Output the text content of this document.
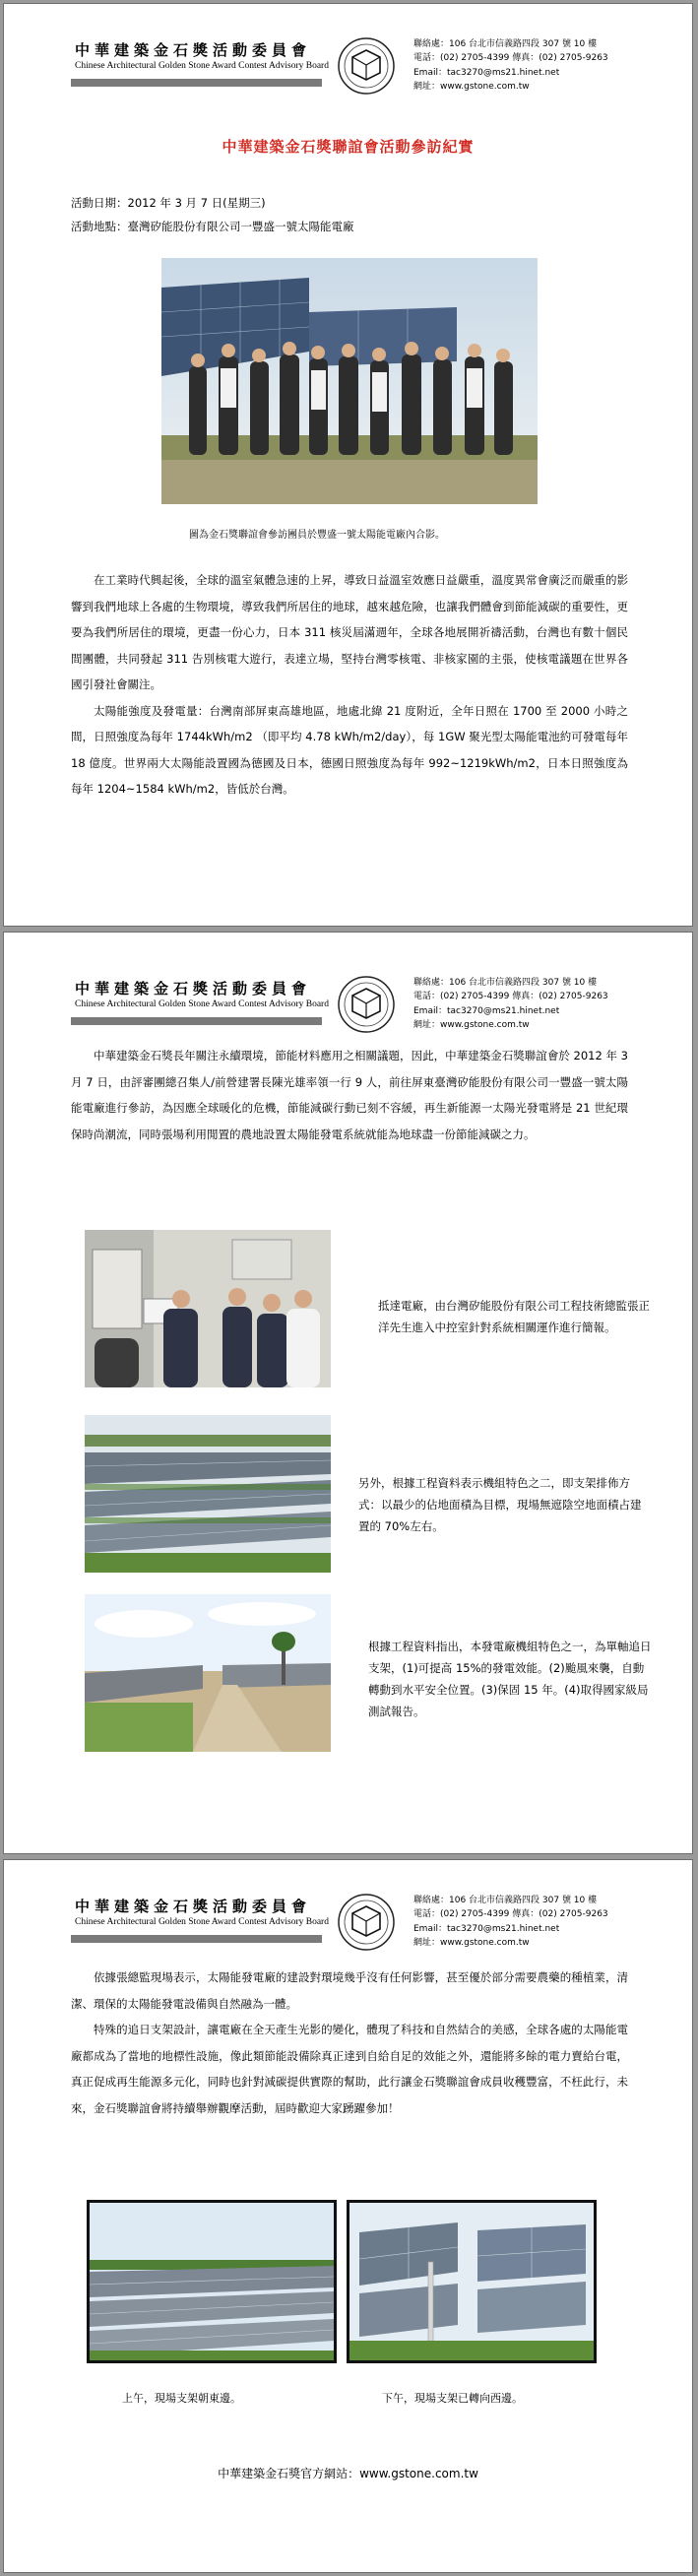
中華建築金石獎活動委員會
Chinese Architectural Golden Stone Award Contest Advisory Board
聯絡處：106 台北市信義路四段 307 號 10 樓
電話：(02) 2705-4399 傳真：(02) 2705-9263
Email：tac3270@ms21.hinet.net
網址：www.gstone.com.tw
中華建築金石獎聯誼會活動參訪紀實
活動日期：2012 年 3 月 7 日(星期三)
活動地點：臺灣矽能股份有限公司一豐盛一號太陽能電廠
圖為金石獎聯誼會參訪團員於豐盛一號太陽能電廠內合影。

在工業時代興起後，全球的溫室氣體急速的上昇，導致日益溫室效應日益嚴重，溫度異常會廣泛而嚴重的影響到我們地球上各處的生物環境，導致我們所居住的地球，越來越危險，也讓我們體會到節能減碳的重要性，更要為我們所居住的環境，更盡一份心力，日本 311 核災屆滿週年，全球各地展開祈禱活動，台灣也有數十個民間團體，共同發起 311 告別核電大遊行，表達立場，堅持台灣零核電、非核家園的主張，使核電議題在世界各國引發社會關注。

太陽能強度及發電量：台灣南部屏東高雄地區，地處北緯 21 度附近，全年日照在 1700 至 2000 小時之間，日照強度為每年 1744kWh/m2 （即平均 4.78 kWh/m2/day），每 1GW 聚光型太陽能電池約可發電每年 18 億度。世界兩大太陽能設置國為德國及日本，德國日照強度為每年 992~1219kWh/m2，日本日照強度為每年 1204~1584 kWh/m2，皆低於台灣。

中華建築金石獎活動委員會
Chinese Architectural Golden Stone Award Contest Advisory Board
聯絡處：106 台北市信義路四段 307 號 10 樓
電話：(02) 2705-4399 傳真：(02) 2705-9263
Email：tac3270@ms21.hinet.net
網址：www.gstone.com.tw

中華建築金石獎長年關注永續環境，節能材料應用之相關議題，因此，中華建築金石獎聯誼會於 2012 年 3 月 7 日，由評審團總召集人/前營建署長陳光雄率領一行 9 人，前往屏東臺灣矽能股份有限公司一豐盛一號太陽能電廠進行參訪，為因應全球暖化的危機，節能減碳行動已刻不容緩，再生新能源一太陽光發電將是 21 世紀環保時尚潮流，同時張場利用閒置的農地設置太陽能發電系統就能為地球盡一份節能減碳之力。

抵達電廠，由台灣矽能股份有限公司工程技術總監張正洋先生進入中控室針對系統相關運作進行簡報。
另外，根據工程資料表示機組特色之二，即支架排佈方式：以最少的佔地面積為目標，現場無遮陰空地面積占建置的 70%左右。
根據工程資料指出，本發電廠機組特色之一，為單軸追日支架，(1)可提高 15%的發電效能。(2)颱風來襲，自動轉動到水平安全位置。(3)保固 15 年。(4)取得國家級局測試報告。
中華建築金石獎活動委員會
Chinese Architectural Golden Stone Award Contest Advisory Board
聯絡處：106 台北市信義路四段 307 號 10 樓
電話：(02) 2705-4399 傳真：(02) 2705-9263
Email：tac3270@ms21.hinet.net
網址：www.gstone.com.tw

依據張總監現場表示，太陽能發電廠的建設對環境幾乎沒有任何影響，甚至優於部分需要農藥的種植業，清潔、環保的太陽能發電設備與自然融為一體。

特殊的追日支架設計，讓電廠在全天產生光影的變化，體現了科技和自然結合的美感，全球各處的太陽能電廠都成為了當地的地標性設施，像此類節能設備除真正達到自給自足的效能之外，還能將多餘的電力賣給台電，真正促成再生能源多元化，同時也針對減碳提供實際的幫助，此行讓金石獎聯誼會成員收穫豐富，不枉此行，未來，金石獎聯誼會將持續舉辦觀摩活動，屆時歡迎大家踴躍參加！

上午，現場支架朝東邊。	下午，現場支架已轉向西邊。
中華建築金石獎官方網站：www.gstone.com.tw
